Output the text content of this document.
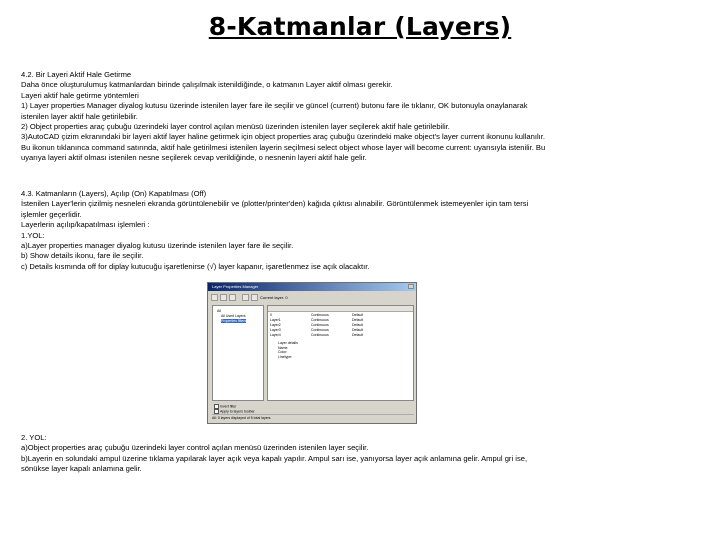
8-Katmanlar (Layers)

4.2. Bir Layeri Aktif Hale Getirme

Daha önce oluşturulumuş katmanlardan birinde çalışılmak istenildiğinde, o katmanın Layer aktif olması gerekir.

Layeri aktif hale getirme yöntemleri

1) Layer properties Manager diyalog kutusu üzerinde istenilen layer fare ile seçilir ve güncel (current) butonu fare ile tıklanır, OK butonuyla onaylanarak

istenilen layer aktif hale getirilebilir.

2) Object properties araç çubuğu üzerindeki layer control açılan menüsü üzerinden istenilen layer seçilerek aktif hale getirilebilir.

3)AutoCAD çizim ekranındaki bir layeri aktif layer haline getirmek için object properties araç çubuğu üzerindeki make object's layer current ikonunu kullanılır.

Bu ikonun tıklanınca command satırında, aktif hale getirilmesi istenilen layerin seçilmesi select object whose layer will become current: uyarısıyla istenilir. Bu

uyarıya layeri aktif olması istenilen nesne seçilerek cevap verildiğinde, o nesnenin layeri aktif hale gelir.

4.3. Katmanların (Layers), Açılıp (On) Kapatılması (Off)

İstenilen Layer'lerin çizilmiş nesneleri ekranda görüntülenebilir ve (plotter/printer'den) kağıda çıktısı alınabilir. Görüntülenmek istemeyenler için tam tersi

işlemler geçerlidir.

Layerlerin açılıp/kapatılması işlemleri :

1.YOL:

a)Layer properties manager diyalog kutusu üzerinde istenilen layer fare ile seçilir.

b) Show details ikonu, fare ile seçilir.

c) Details kısmında off for diplay kutucuğu işaretlenirse (√) layer kapanır, işaretlenmez ise açık olacaktır.

Layer Properties Manager
Current layer: 0
All
All Used Layers
Properties filters
0	Continuous	Default
Layer1	Continuous	Default
Layer2	Continuous	Default
Layer3	Continuous	Default
Layer4	Continuous	Default
Layer details
Name:
Color:
Linetype:
Invert filter
Apply to layers toolbar
All: 5 layers displayed of 5 total layers

2. YOL:

a)Object properties araç çubuğu üzerindeki layer control açılan menüsü üzerinden istenilen layer seçilir.

b)Layerin en solundaki ampul üzerine tıklama yapılarak layer açık veya kapalı yapılır. Ampul sarı ise, yanıyorsa layer açık anlamına gelir. Ampul gri ise,

sönükse layer kapalı anlamına gelir.
